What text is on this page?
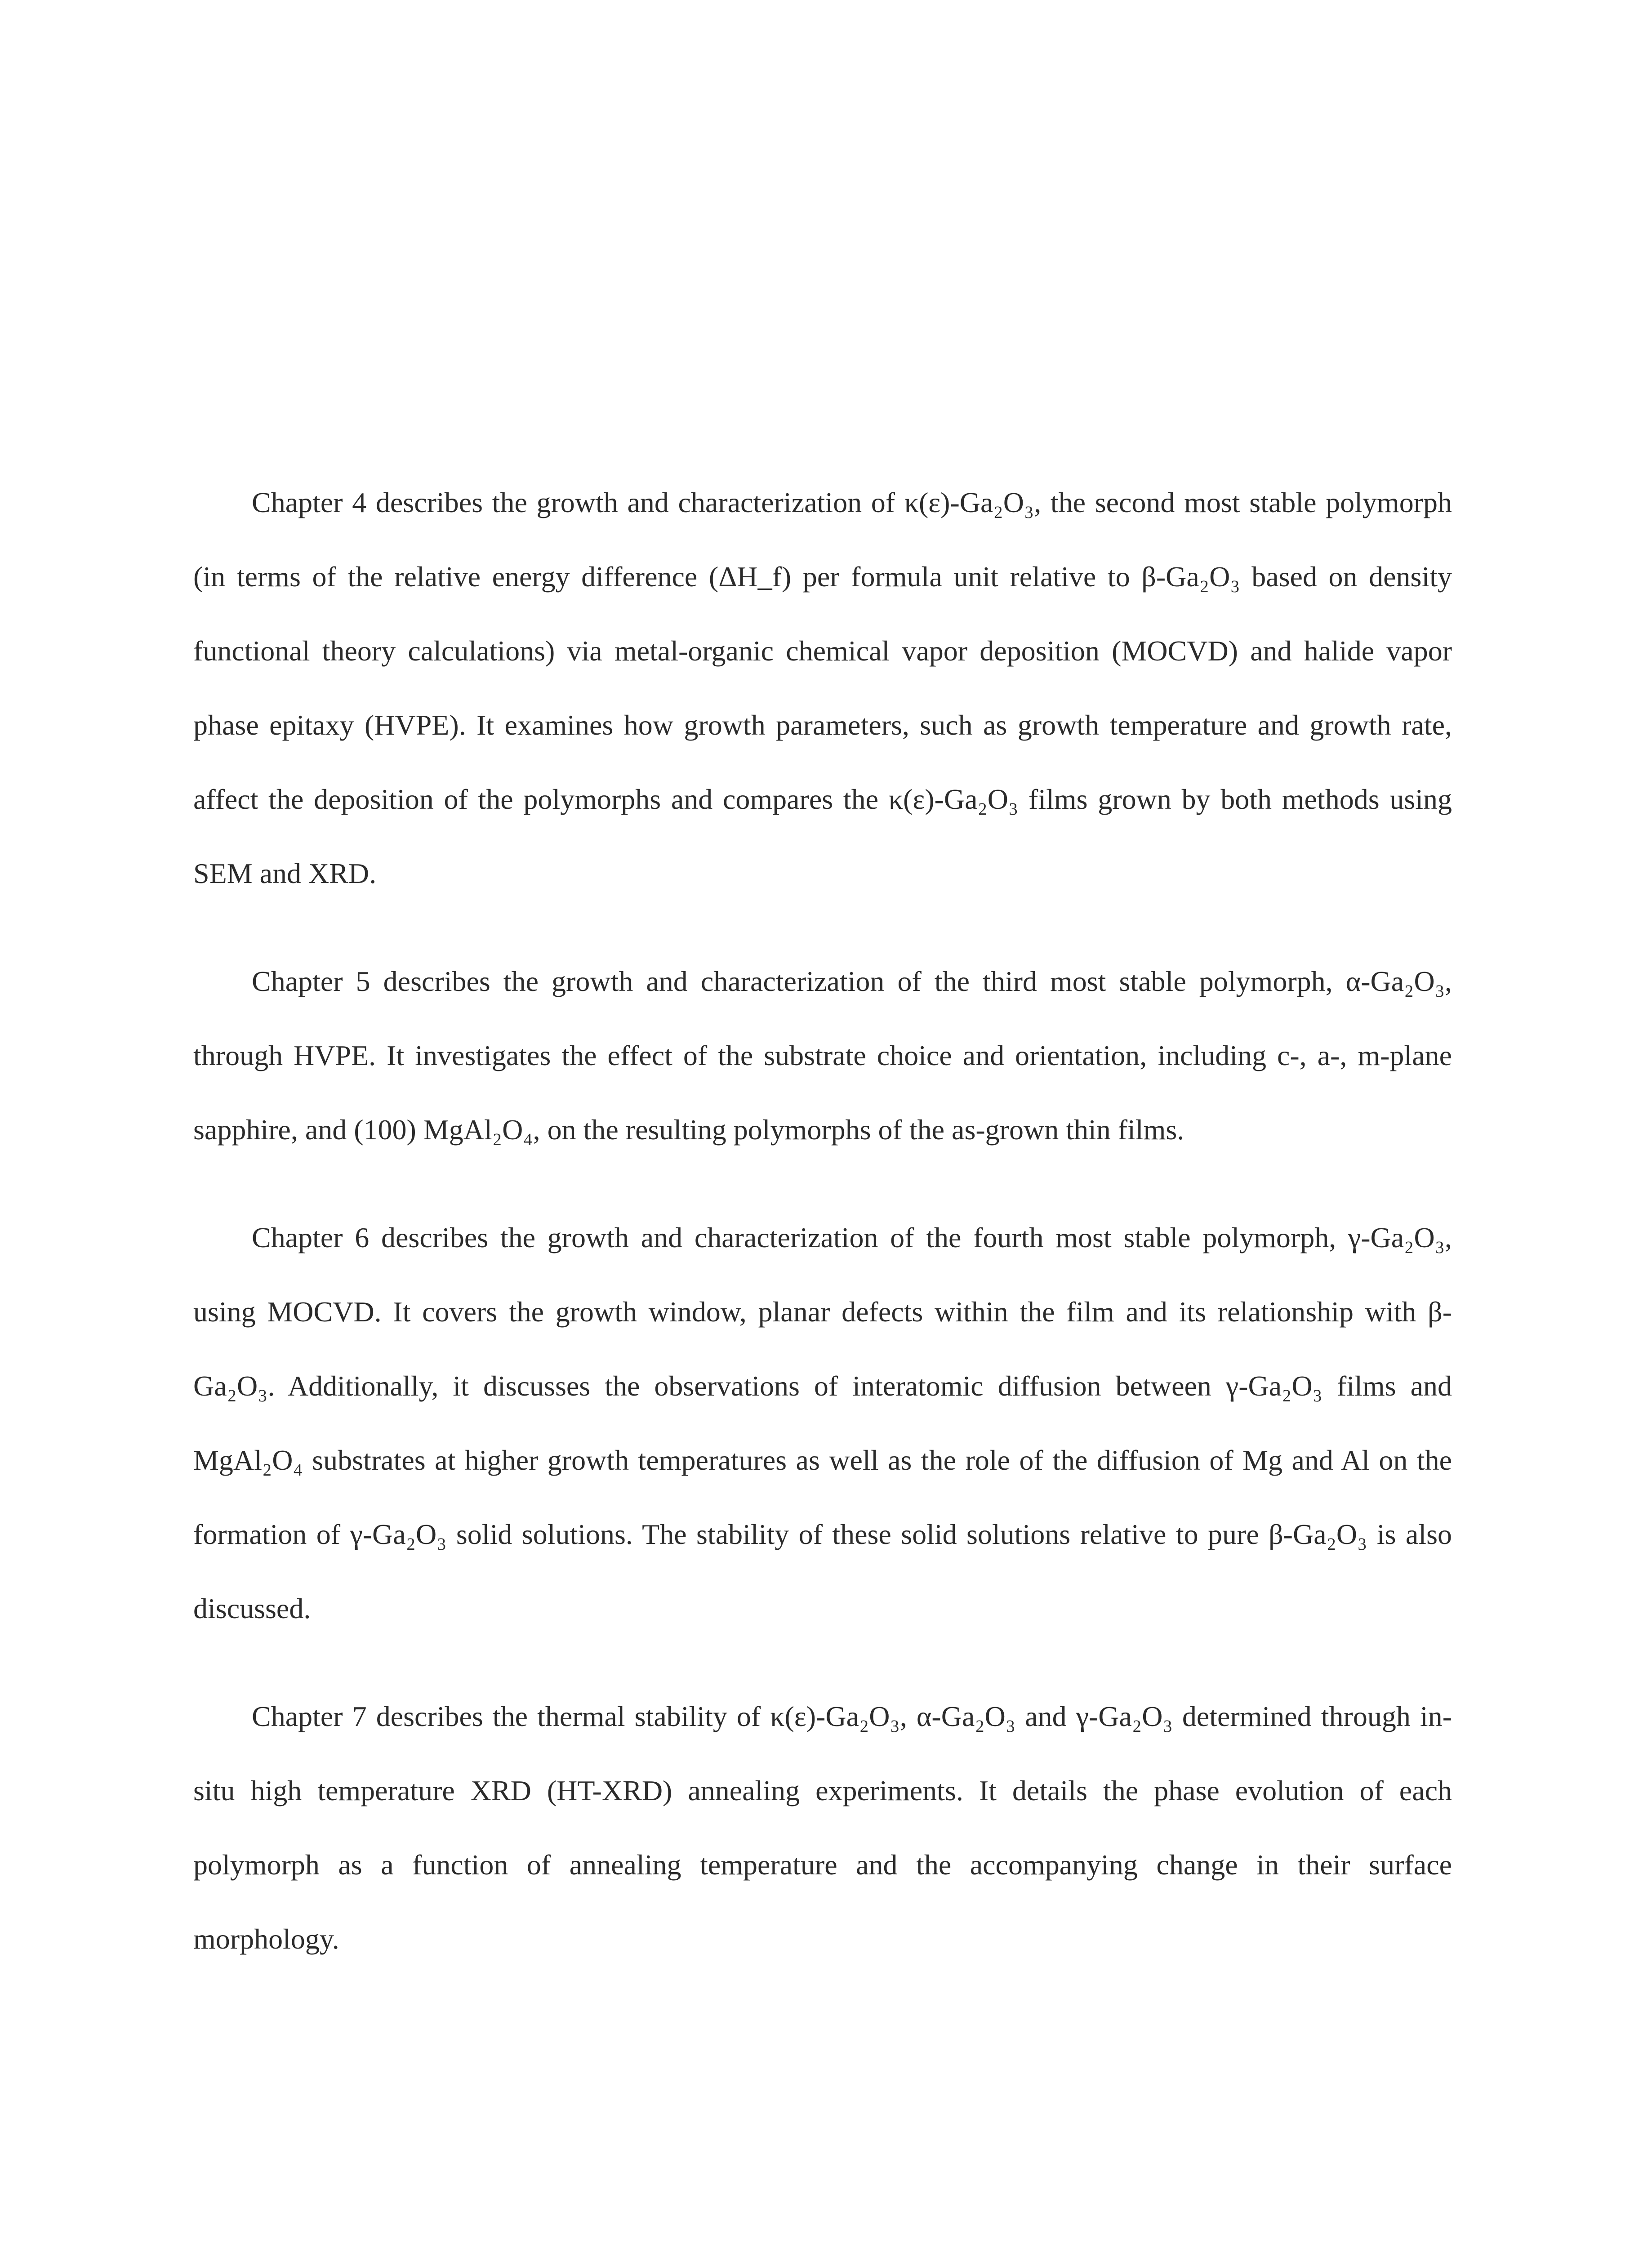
Chapter 4 describes the growth and characterization of κ(ε)-Ga₂O₃, the second most stable polymorph (in terms of the relative energy difference (ΔH_f) per formula unit relative to β-Ga₂O₃ based on density functional theory calculations) via metal-organic chemical vapor deposition (MOCVD) and halide vapor phase epitaxy (HVPE). It examines how growth parameters, such as growth temperature and growth rate, affect the deposition of the polymorphs and compares the κ(ε)-Ga₂O₃ films grown by both methods using SEM and XRD.

Chapter 5 describes the growth and characterization of the third most stable polymorph, α-Ga₂O₃, through HVPE. It investigates the effect of the substrate choice and orientation, including c-, a-, m-plane sapphire, and (100) MgAl₂O₄, on the resulting polymorphs of the as-grown thin films.

Chapter 6 describes the growth and characterization of the fourth most stable polymorph, γ-Ga₂O₃, using MOCVD. It covers the growth window, planar defects within the film and its relationship with β-Ga₂O₃. Additionally, it discusses the observations of interatomic diffusion between γ-Ga₂O₃ films and MgAl₂O₄ substrates at higher growth temperatures as well as the role of the diffusion of Mg and Al on the formation of γ-Ga₂O₃ solid solutions. The stability of these solid solutions relative to pure β-Ga₂O₃ is also discussed.

Chapter 7 describes the thermal stability of κ(ε)-Ga₂O₃, α-Ga₂O₃ and γ-Ga₂O₃ determined through in-situ high temperature XRD (HT-XRD) annealing experiments. It details the phase evolution of each polymorph as a function of annealing temperature and the accompanying change in their surface morphology.
